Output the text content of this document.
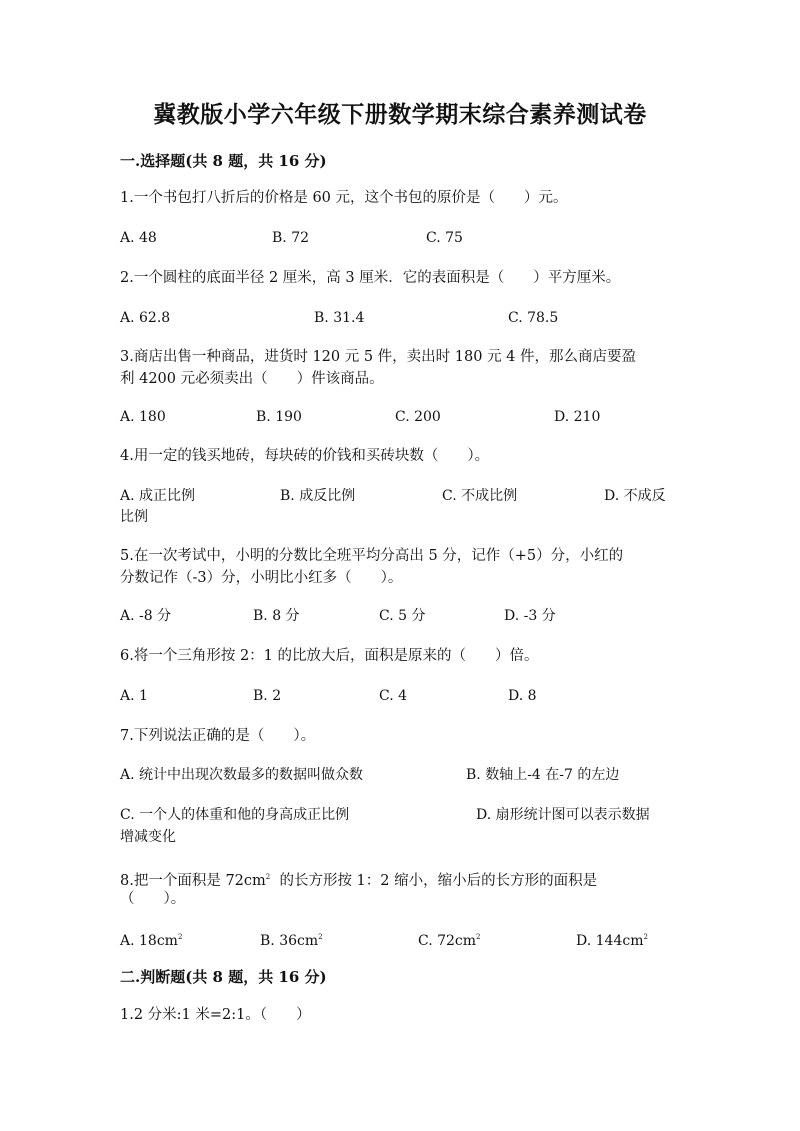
冀教版小学六年级下册数学期末综合素养测试卷
一.选择题(共 8 题，共 16 分)
1.一个书包打八折后的价格是 60 元，这个书包的原价是（　　）元。
A. 48	B. 72	C. 75
2.一个圆柱的底面半径 2 厘米，高 3 厘米．它的表面积是（　　）平方厘米。
A. 62.8	B. 31.4	C. 78.5
3.商店出售一种商品，进货时 120 元 5 件，卖出时 180 元 4 件，那么商店要盈
利 4200 元必须卖出（　　）件该商品。
A. 180	B. 190	C. 200	D. 210
4.用一定的钱买地砖，每块砖的价钱和买砖块数（　　）。
A. 成正比例	B. 成反比例	C. 不成比例	D. 不成反
比例
5.在一次考试中，小明的分数比全班平均分高出 5 分，记作（+5）分，小红的
分数记作（-3）分，小明比小红多（　　）。
A. -8 分	B. 8 分	C. 5 分	D. -3 分
6.将一个三角形按 2：1 的比放大后，面积是原来的（　　）倍。
A. 1	B. 2	C. 4	D. 8
7.下列说法正确的是（　　）。
A. 统计中出现次数最多的数据叫做众数	B. 数轴上-4 在-7 的左边
C. 一个人的体重和他的身高成正比例	D. 扇形统计图可以表示数据
增减变化
8.把一个面积是 $72cm^2$ 的长方形按 1：2 缩小，缩小后的长方形的面积是
（　　）。
A. $18cm^2$	B. $36cm^2$	C. $72cm^2$	D. $144cm^2$
二.判断题(共 8 题，共 16 分)
1.2 分米:1 米=2:1。（　　）
